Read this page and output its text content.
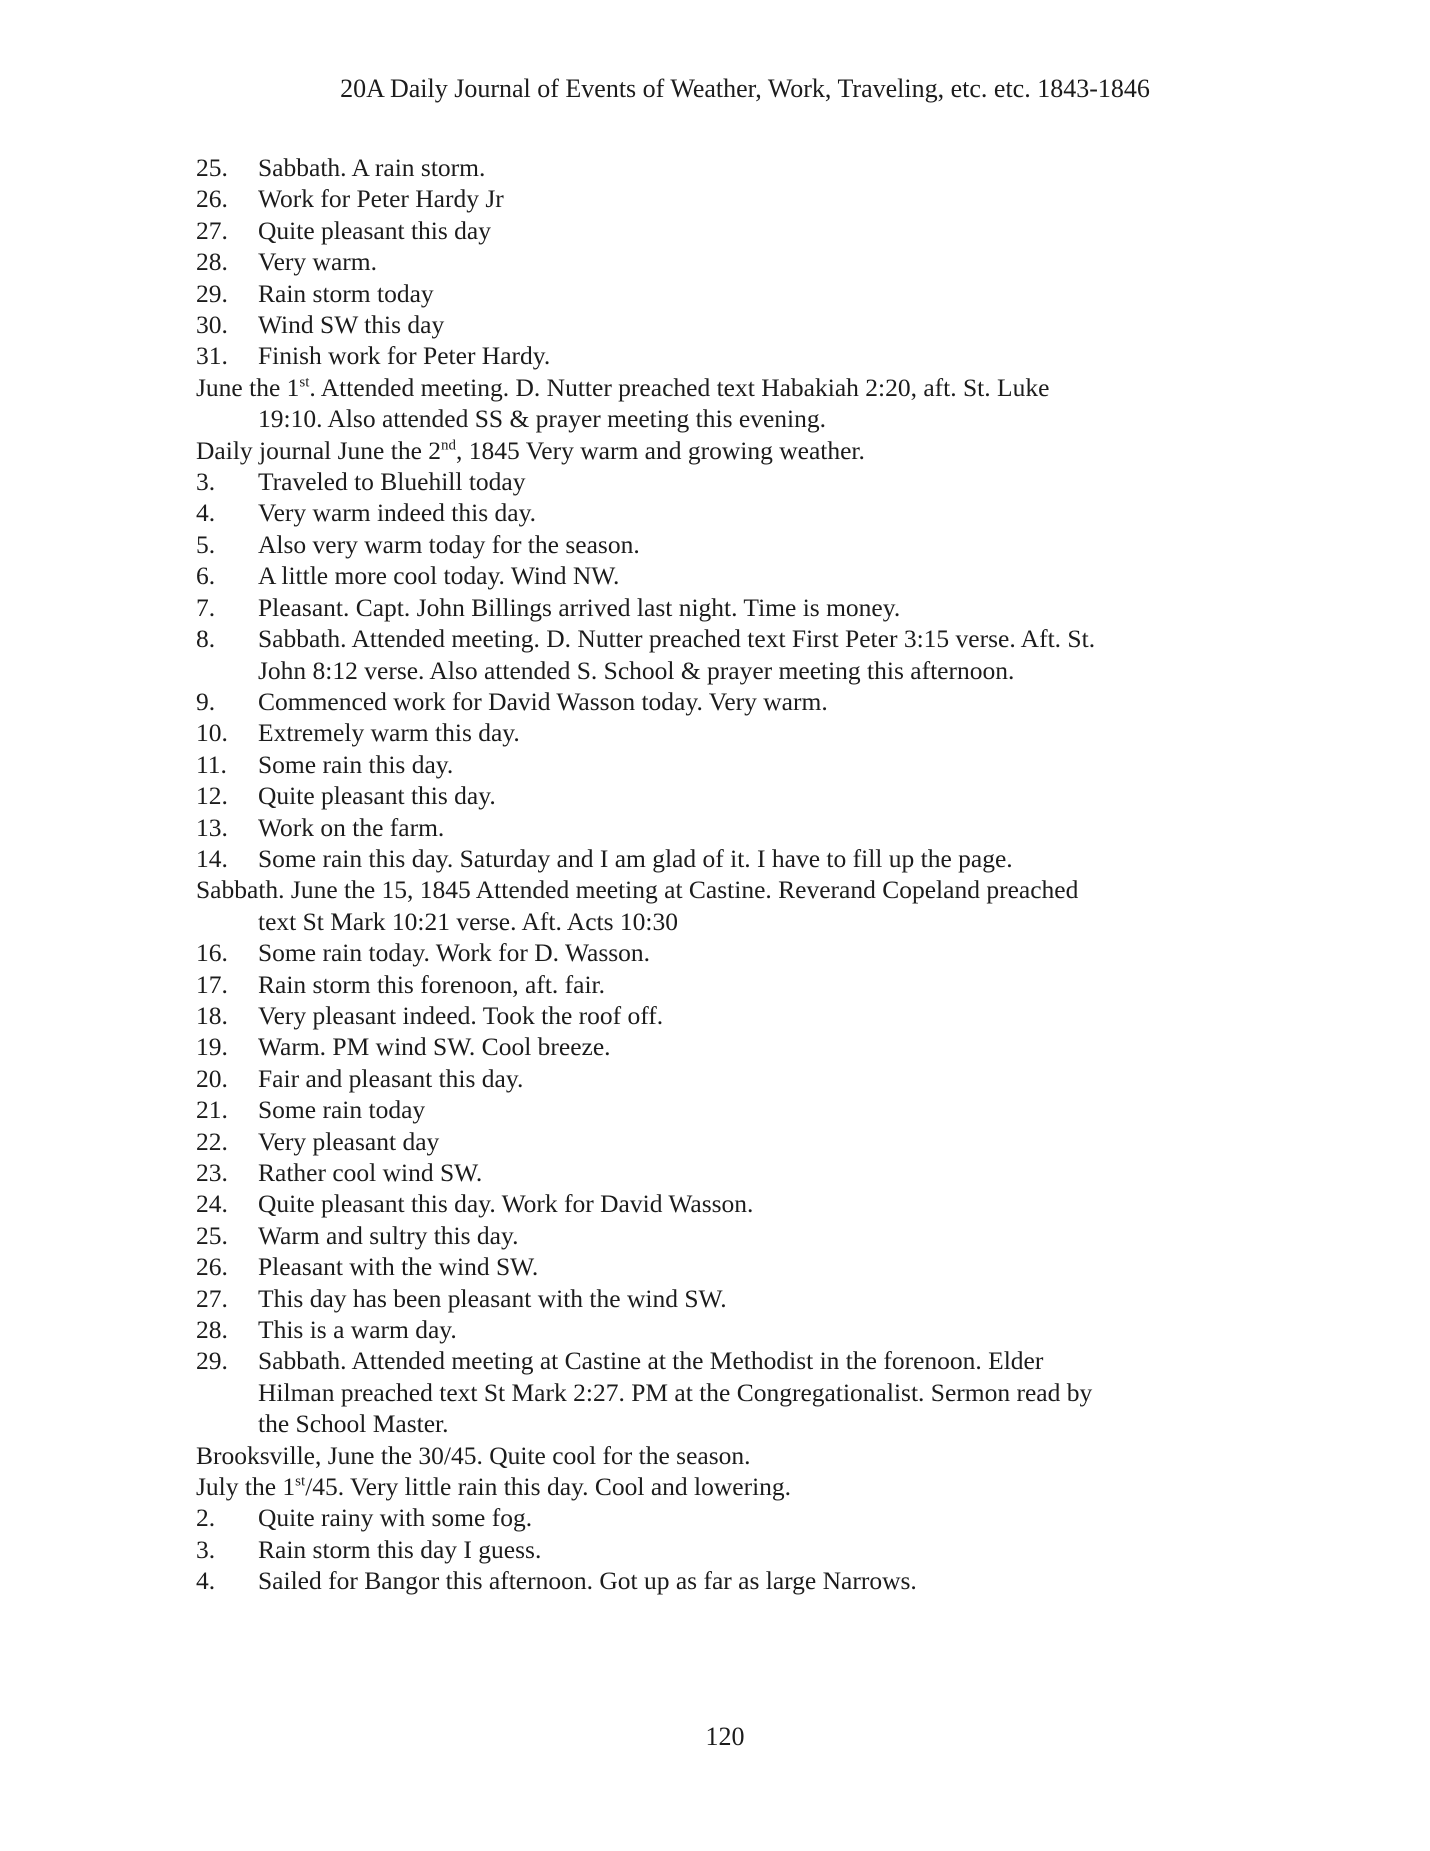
20A Daily Journal of Events of Weather, Work, Traveling, etc. etc. 1843-1846
25. Sabbath. A rain storm.
26. Work for Peter Hardy Jr
27. Quite pleasant this day
28. Very warm.
29. Rain storm today
30. Wind SW this day
31. Finish work for Peter Hardy.
June the 1st. Attended meeting. D. Nutter preached text Habakiah 2:20, aft. St. Luke
19:10. Also attended SS & prayer meeting this evening.
Daily journal June the 2nd, 1845 Very warm and growing weather.
3. Traveled to Bluehill today
4. Very warm indeed this day.
5. Also very warm today for the season.
6. A little more cool today. Wind NW.
7. Pleasant. Capt. John Billings arrived last night. Time is money.
8. Sabbath. Attended meeting. D. Nutter preached text First Peter 3:15 verse. Aft. St.
John 8:12 verse. Also attended S. School & prayer meeting this afternoon.
9. Commenced work for David Wasson today. Very warm.
10. Extremely warm this day.
11. Some rain this day.
12. Quite pleasant this day.
13. Work on the farm.
14. Some rain this day. Saturday and I am glad of it. I have to fill up the page.
Sabbath. June the 15, 1845 Attended meeting at Castine. Reverand Copeland preached
text St Mark 10:21 verse. Aft. Acts 10:30
16. Some rain today. Work for D. Wasson.
17. Rain storm this forenoon, aft. fair.
18. Very pleasant indeed. Took the roof off.
19. Warm. PM wind SW. Cool breeze.
20. Fair and pleasant this day.
21. Some rain today
22. Very pleasant day
23. Rather cool wind SW.
24. Quite pleasant this day. Work for David Wasson.
25. Warm and sultry this day.
26. Pleasant with the wind SW.
27. This day has been pleasant with the wind SW.
28. This is a warm day.
29. Sabbath. Attended meeting at Castine at the Methodist in the forenoon. Elder
Hilman preached text St Mark 2:27. PM at the Congregationalist. Sermon read by
the School Master.
Brooksville, June the 30/45. Quite cool for the season.
July the 1st/45. Very little rain this day. Cool and lowering.
2. Quite rainy with some fog.
3. Rain storm this day I guess.
4. Sailed for Bangor this afternoon. Got up as far as large Narrows.
120
